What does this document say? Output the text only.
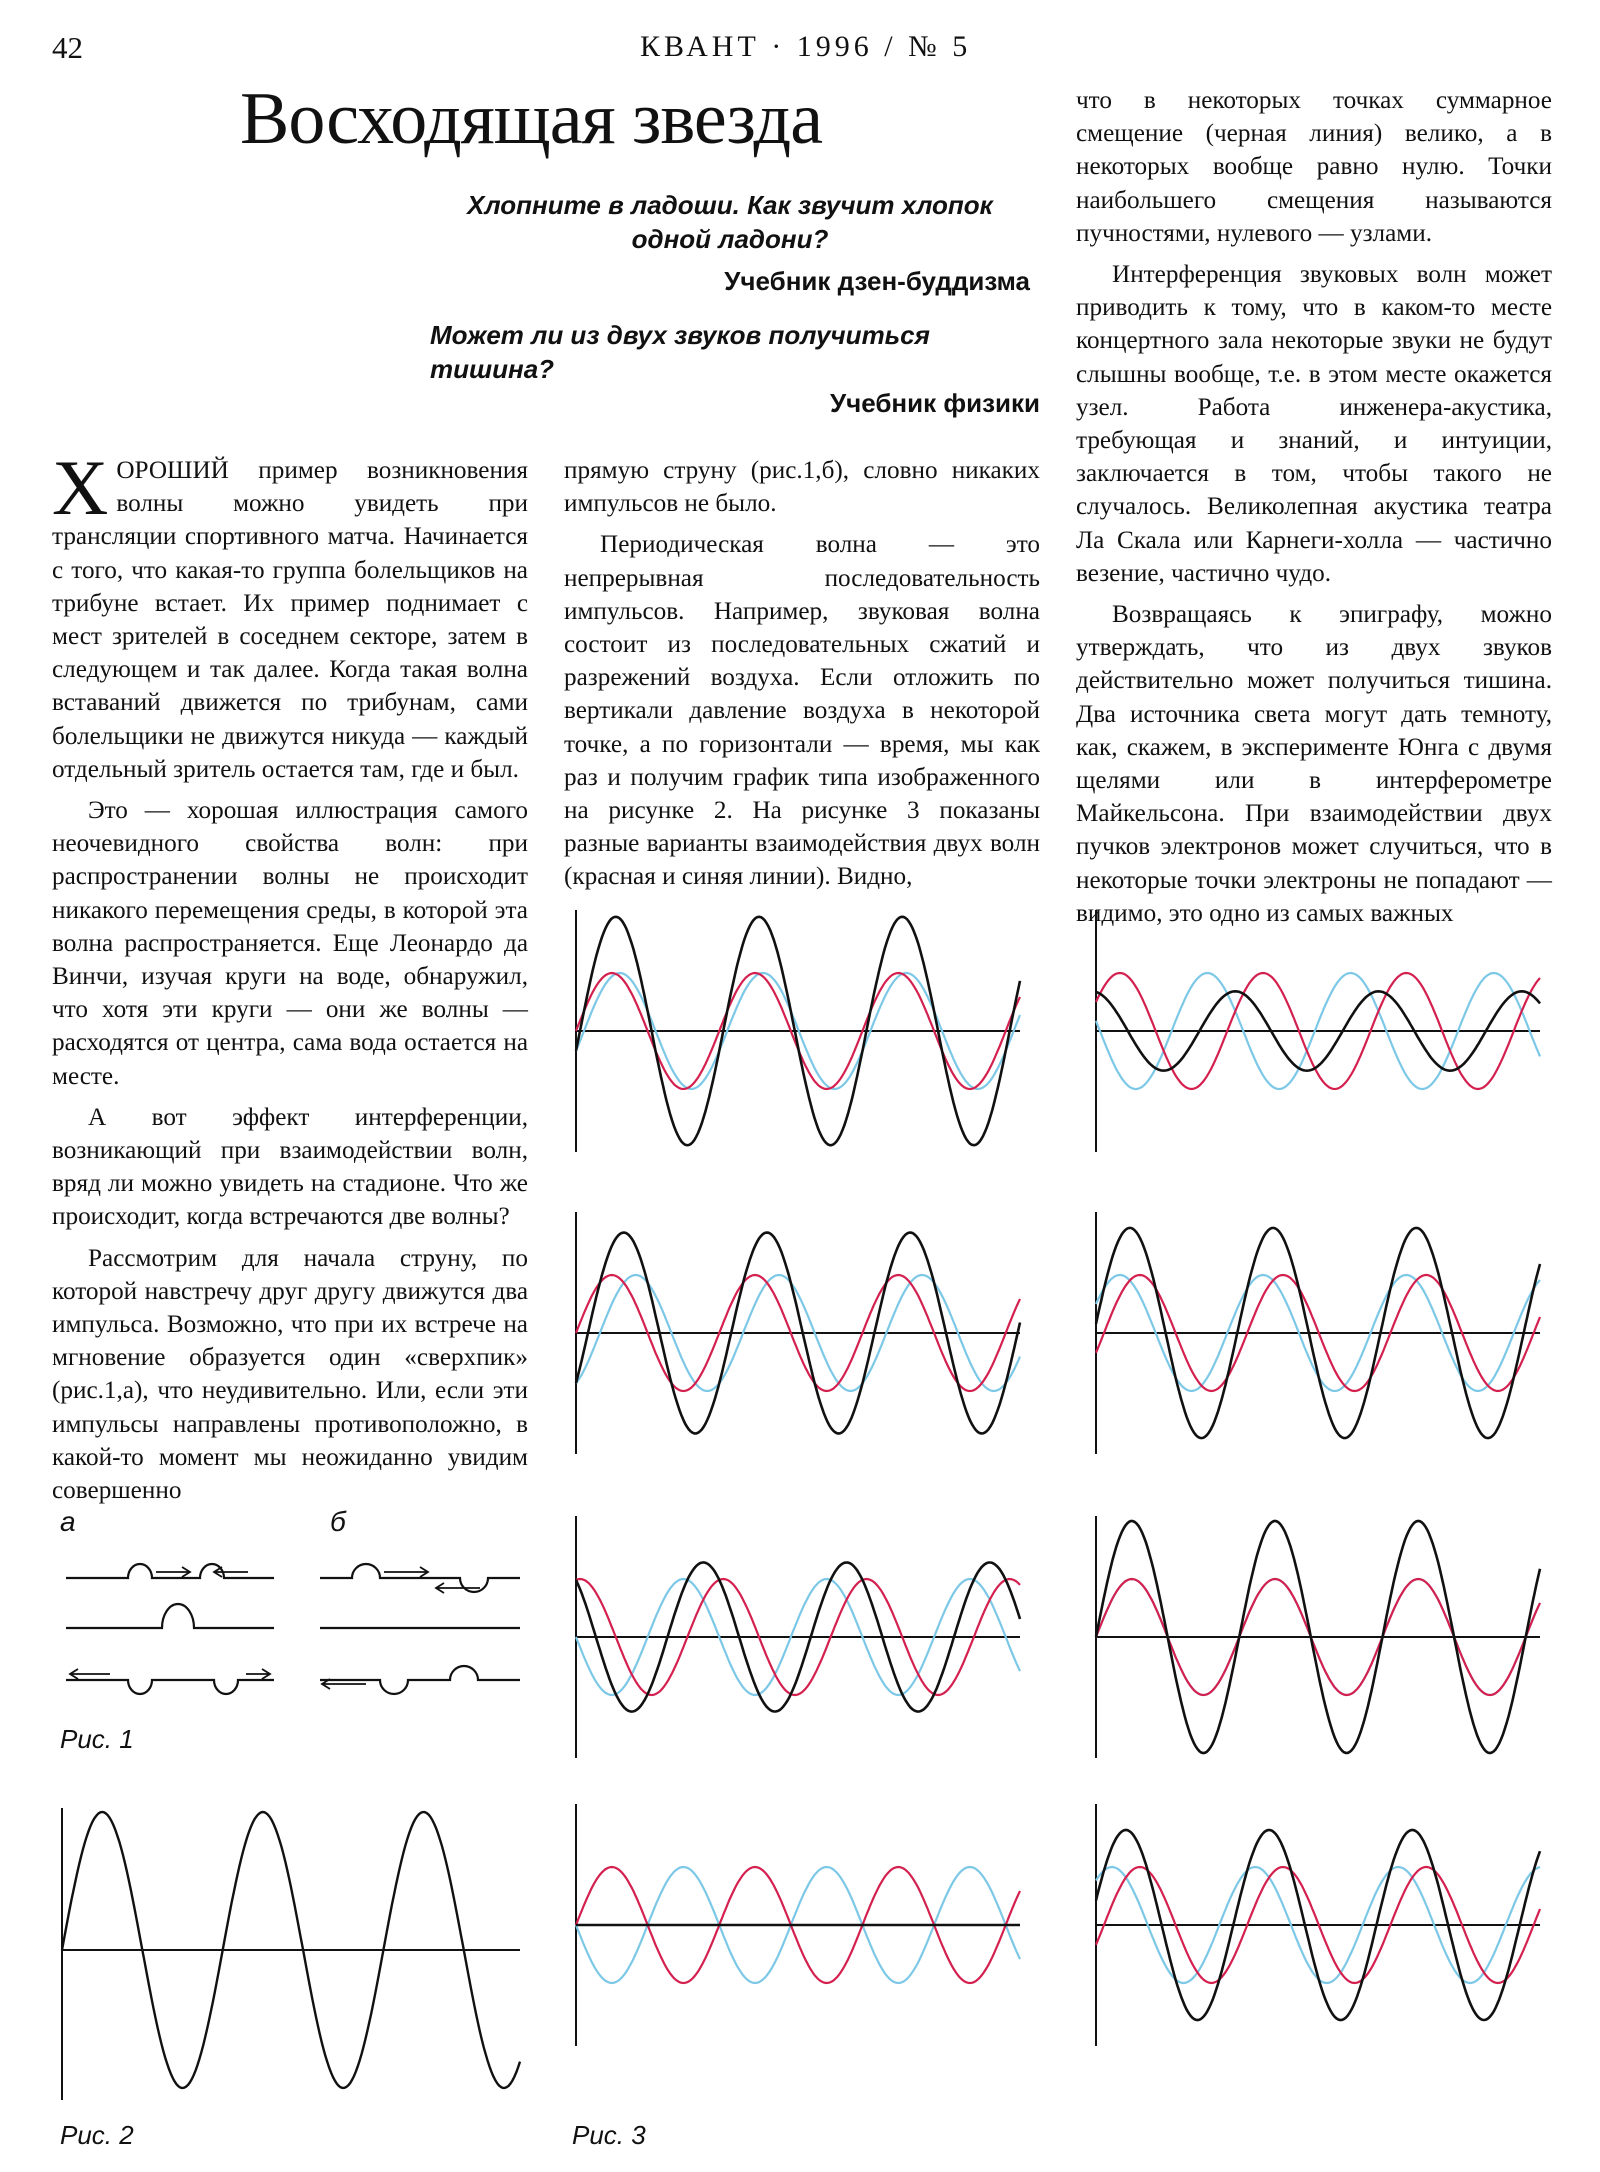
42	КВАНТ · 1996 / № 5
Восходящая звезда
Хлопните в ладоши. Как звучит хлопок одной ладони?
Учебник дзен-буддизма
Может ли из двух звуков получиться тишина?
Учебник физики

ХОРОШИЙ пример возникновения волны можно увидеть при трансляции спортивного матча. Начинается с того, что какая-то группа болельщиков на трибуне встает. Их пример поднимает с мест зрителей в соседнем секторе, затем в следующем и так далее. Когда такая волна вставаний движется по трибунам, сами болельщики не движутся никуда — каждый отдельный зритель остается там, где и был.

Это — хорошая иллюстрация самого неочевидного свойства волн: при распространении волны не происходит никакого перемещения среды, в которой эта волна распространяется. Еще Леонардо да Винчи, изучая круги на воде, обнаружил, что хотя эти круги — они же волны — расходятся от центра, сама вода остается на месте.

А вот эффект интерференции, возникающий при взаимодействии волн, вряд ли можно увидеть на стадионе. Что же происходит, когда встречаются две волны?

Рассмотрим для начала струну, по которой навстречу друг другу движутся два импульса. Возможно, что при их встрече на мгновение образуется один «сверхпик» (рис.1,а), что неудивительно. Или, если эти импульсы направлены противоположно, в какой-то момент мы неожиданно увидим совершенно

прямую струну (рис.1,б), словно никаких импульсов не было.

Периодическая волна — это непрерывная последовательность импульсов. Например, звуковая волна состоит из последовательных сжатий и разрежений воздуха. Если отложить по вертикали давление воздуха в некоторой точке, а по горизонтали — время, мы как раз и получим график типа изображенного на рисунке 2. На рисунке 3 показаны разные варианты взаимодействия двух волн (красная и синяя линии). Видно,

что в некоторых точках суммарное смещение (черная линия) велико, а в некоторых вообще равно нулю. Точки наибольшего смещения называются пучностями, нулевого — узлами.

Интерференция звуковых волн может приводить к тому, что в каком-то месте концертного зала некоторые звуки не будут слышны вообще, т.е. в этом месте окажется узел. Работа инженера-акустика, требующая и знаний, и интуиции, заключается в том, чтобы такого не случалось. Великолепная акустика театра Ла Скала или Карнеги-холла — частично везение, частично чудо.

Возвращаясь к эпиграфу, можно утверждать, что из двух звуков действительно может получиться тишина. Два источника света могут дать темноту, как, скажем, в эксперименте Юнга с двумя щелями или в интерферометре Майкельсона. При взаимодействии двух пучков электронов может случиться, что в некоторые точки электроны не попадают — видимо, это одно из самых важных

а	б
Рис. 1
Рис. 2	Рис. 3
